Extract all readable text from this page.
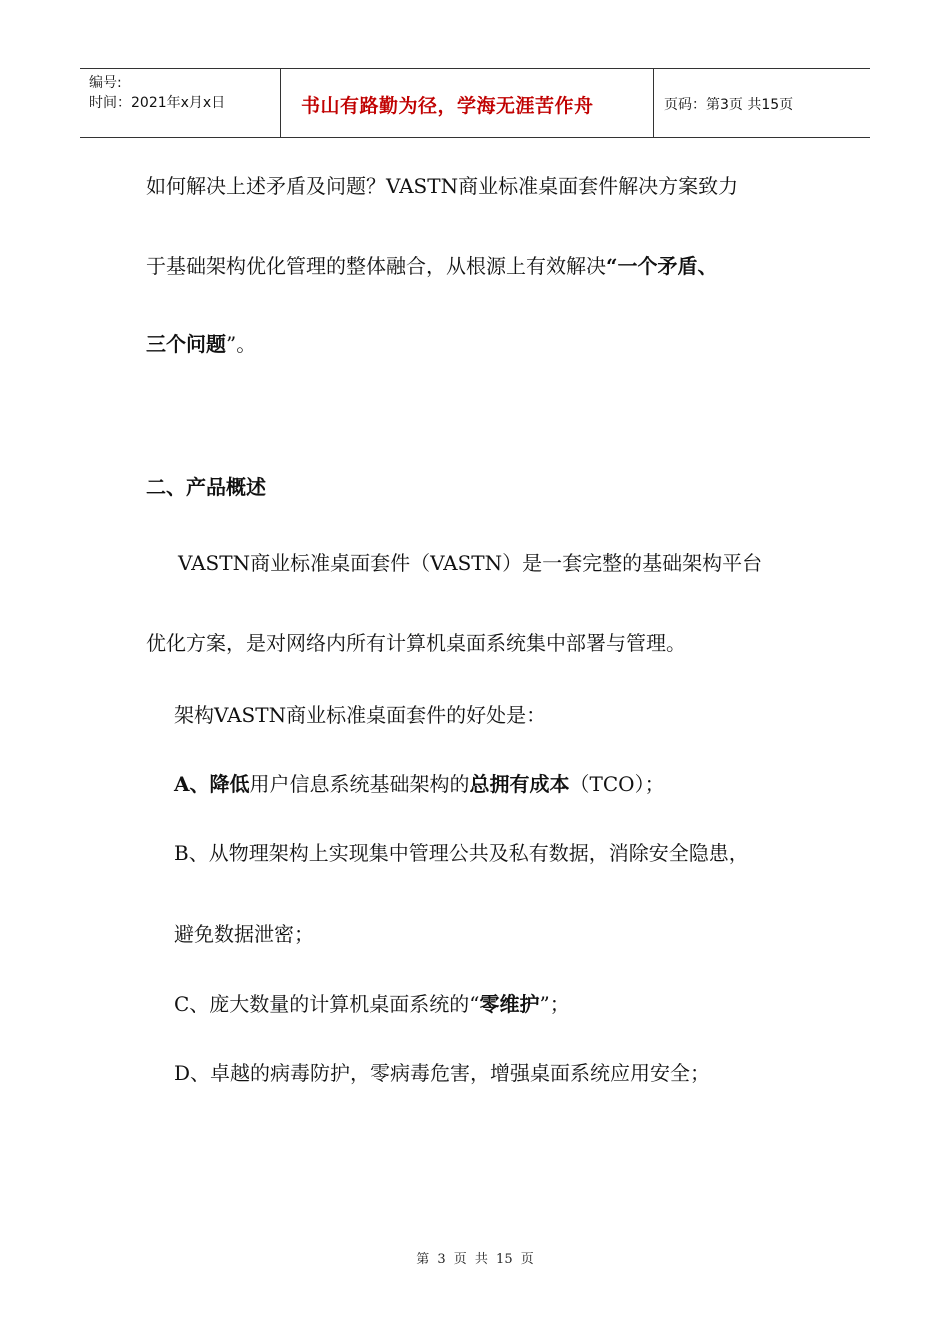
编号:
时间：2021年x月x日	书山有路勤为径，学海无涯苦作舟	页码：第3页 共15页
如何解决上述矛盾及问题？VASTN商业标准桌面套件解决方案致力
于基础架构优化管理的整体融合，从根源上有效解决“一个矛盾、
三个问题”。
二、产品概述
VASTN商业标准桌面套件（VASTN）是一套完整的基础架构平台
优化方案，是对网络内所有计算机桌面系统集中部署与管理。
架构VASTN商业标准桌面套件的好处是：
A、降低用户信息系统基础架构的总拥有成本（TCO）；
B、从物理架构上实现集中管理公共及私有数据，消除安全隐患，
避免数据泄密；
C、庞大数量的计算机桌面系统的“零维护”；
D、卓越的病毒防护，零病毒危害，增强桌面系统应用安全；
第 3 页 共 15 页
